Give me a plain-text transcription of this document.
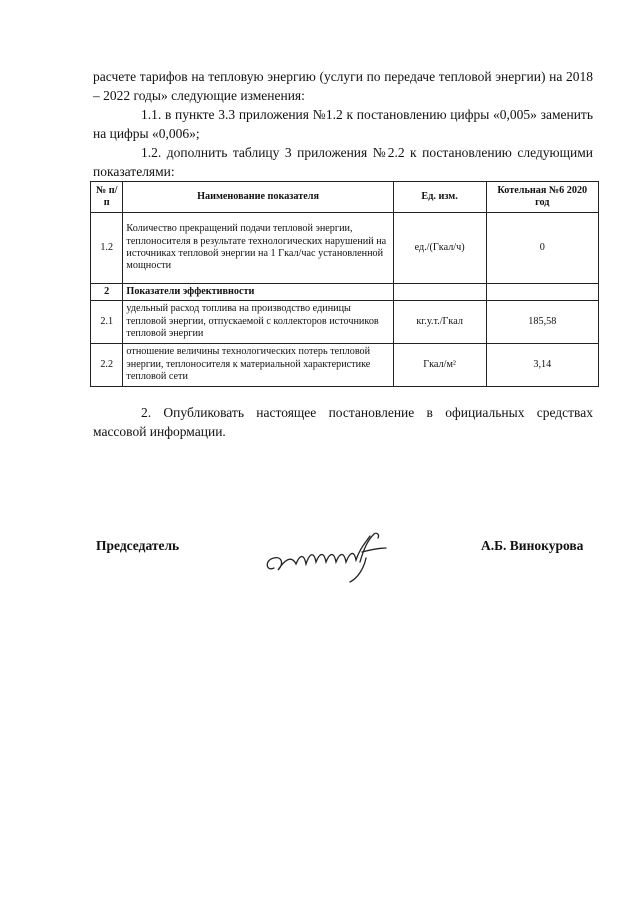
расчете тарифов на тепловую энергию (услуги по передаче тепловой энергии) на 2018 – 2022 годы» следующие изменения:
1.1. в пункте 3.3 приложения №1.2 к постановлению цифры «0,005» заменить на цифры «0,006»;
1.2. дополнить таблицу 3 приложения №2.2 к постановлению следующими показателями:
№ п/п	Наименование показателя	Ед. изм.	Котельная №6 2020 год
1.2	Количество прекращений подачи тепловой энергии, теплоносителя в результате технологических нарушений на источниках тепловой энергии на 1 Гкал/час установленной мощности	ед./(Гкал/ч)	0
2	Показатели эффективности		
2.1	удельный расход топлива на производство единицы тепловой энергии, отпускаемой с коллекторов источников тепловой энергии	кг.у.т./Гкал	185,58
2.2	отношение величины технологических потерь тепловой энергии, теплоносителя к материальной характеристике тепловой сети	Гкал/м²	3,14
2. Опубликовать настоящее постановление в официальных средствах массовой информации.
Председатель	А.Б. Винокурова
